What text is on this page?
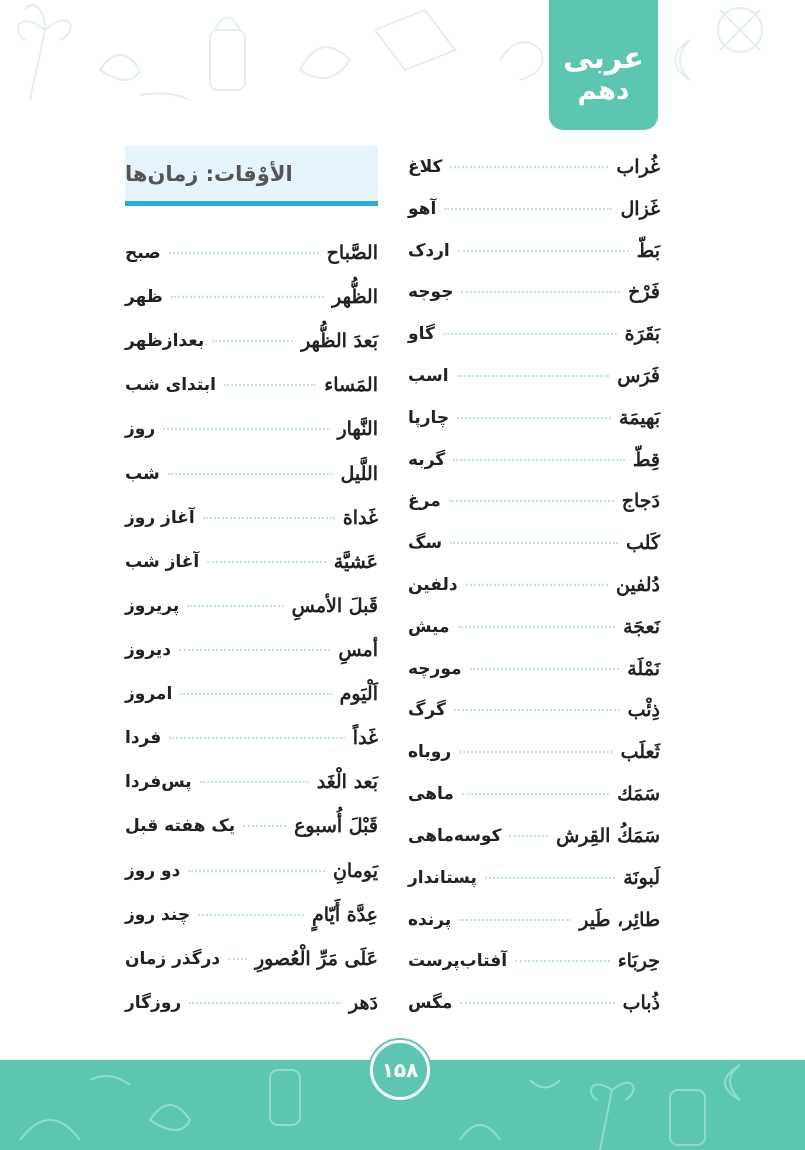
عربی
دهم
غُراب
کلاغ
غَزال
آهو
بَطّ
اردک
فَرْخ
جوجه
بَقَرَة
گاو
فَرَس
اسب
بَهيمَة
چارپا
قِطّ
گربه
دَجاج
مرغ
كَلب
سگ
دُلفين
دلفین
نَعجَة
میش
نَمْلَة
مورچه
ذِئْب
گرگ
ثَعلَب
روباه
سَمَك
ماهی
سَمَكُ القِرش
کوسه‌ماهی
لَبونَة
پستاندار
طائِر، طَير
پرنده
حِربَاء
آفتاب‌پرست
ذُباب
مگس
الأوْقات: زمان‌ها
الصَّباح
صبح
الظُّهر
ظهر
بَعدَ الظُّهر
بعدازظهر
المَساء
ابتدای شب
النَّهار
روز
اللَّيل
شب
غَداة
آغاز روز
عَشيَّة
آغاز شب
قَبلَ الأمسِ
پریروز
أمسِ
دیروز
اَلْيَوم
امروز
غَداً
فردا
بَعد الْغَد
پس‌فردا
قَبْلَ أُسبوع
یک هفته قبل
يَومانِ
دو روز
عِدَّة أَيّامٍ
چند روز
عَلَى مَرِّ الْعُصورِ
درگذر زمان
دَهر
روزگار
۱۵۸
